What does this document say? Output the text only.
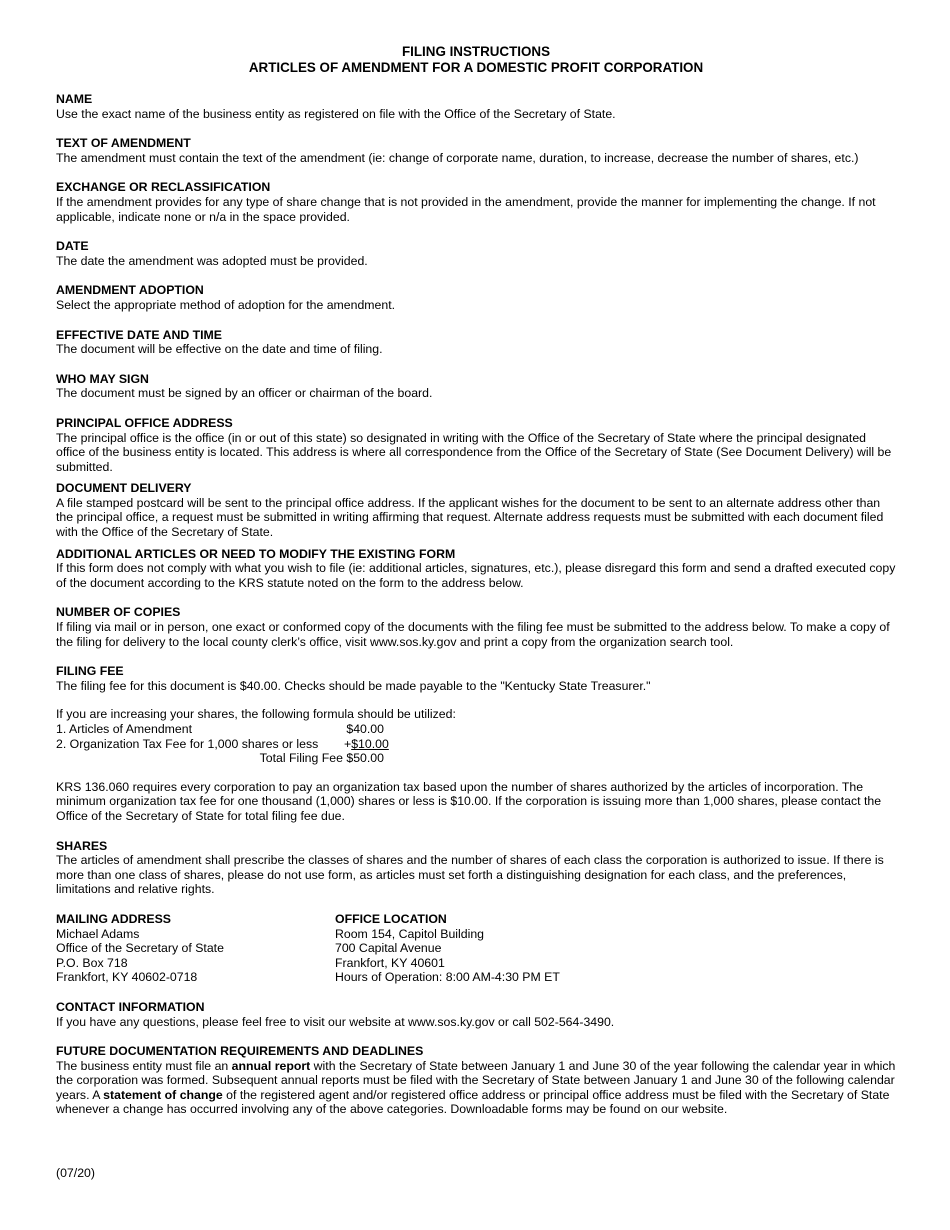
FILING INSTRUCTIONS
ARTICLES OF AMENDMENT FOR A DOMESTIC PROFIT CORPORATION
NAME

Use the exact name of the business entity as registered on file with the Office of the Secretary of State.

TEXT OF AMENDMENT

The amendment must contain the text of the amendment (ie: change of corporate name, duration, to increase, decrease the number of shares, etc.)

EXCHANGE OR RECLASSIFICATION

If the amendment provides for any type of share change that is not provided in the amendment, provide the manner for implementing the change. If not applicable, indicate none or n/a in the space provided.

DATE

The date the amendment was adopted must be provided.

AMENDMENT ADOPTION

Select the appropriate method of adoption for the amendment.

EFFECTIVE DATE AND TIME

The document will be effective on the date and time of filing.

WHO MAY SIGN

The document must be signed by an officer or chairman of the board.

PRINCIPAL OFFICE ADDRESS

The principal office is the office (in or out of this state) so designated in writing with the Office of the Secretary of State where the principal designated office of the business entity is located. This address is where all correspondence from the Office of the Secretary of State (See Document Delivery) will be submitted.

DOCUMENT DELIVERY

A file stamped postcard will be sent to the principal office address. If the applicant wishes for the document to be sent to an alternate address other than the principal office, a request must be submitted in writing affirming that request. Alternate address requests must be submitted with each document filed with the Office of the Secretary of State.

ADDITIONAL ARTICLES OR NEED TO MODIFY THE EXISTING FORM

If this form does not comply with what you wish to file (ie: additional articles, signatures, etc.), please disregard this form and send a drafted executed copy of the document according to the KRS statute noted on the form to the address below.

NUMBER OF COPIES

If filing via mail or in person, one exact or conformed copy of the documents with the filing fee must be submitted to the address below. To make a copy of the filing for delivery to the local county clerk’s office, visit www.sos.ky.gov and print a copy from the organization search tool.

FILING FEE

The filing fee for this document is $40.00. Checks should be made payable to the "Kentucky State Treasurer."

If you are increasing your shares, the following formula should be utilized:

1. Articles of Amendment	$40.00
2. Organization Tax Fee for 1,000 shares or less	+$10.00
Total Filing Fee $50.00

KRS 136.060 requires every corporation to pay an organization tax based upon the number of shares authorized by the articles of incorporation. The minimum organization tax fee for one thousand (1,000) shares or less is $10.00. If the corporation is issuing more than 1,000 shares, please contact the Office of the Secretary of State for total filing fee due.

SHARES

The articles of amendment shall prescribe the classes of shares and the number of shares of each class the corporation is authorized to issue. If there is more than one class of shares, please do not use form, as articles must set forth a distinguishing designation for each class, and the preferences, limitations and relative rights.

MAILING ADDRESS
Michael Adams
Office of the Secretary of State
P.O. Box 718
Frankfort, KY 40602-0718
OFFICE LOCATION
Room 154, Capitol Building
700 Capital Avenue
Frankfort, KY 40601
Hours of Operation: 8:00 AM-4:30 PM ET
CONTACT INFORMATION

If you have any questions, please feel free to visit our website at www.sos.ky.gov or call 502-564-3490.

FUTURE DOCUMENTATION REQUIREMENTS AND DEADLINES

The business entity must file an annual report with the Secretary of State between January 1 and June 30 of the year following the calendar year in which the corporation was formed. Subsequent annual reports must be filed with the Secretary of State between January 1 and June 30 of the following calendar years. A statement of change of the registered agent and/or registered office address or principal office address must be filed with the Secretary of State whenever a change has occurred involving any of the above categories. Downloadable forms may be found on our website.

(07/20)
